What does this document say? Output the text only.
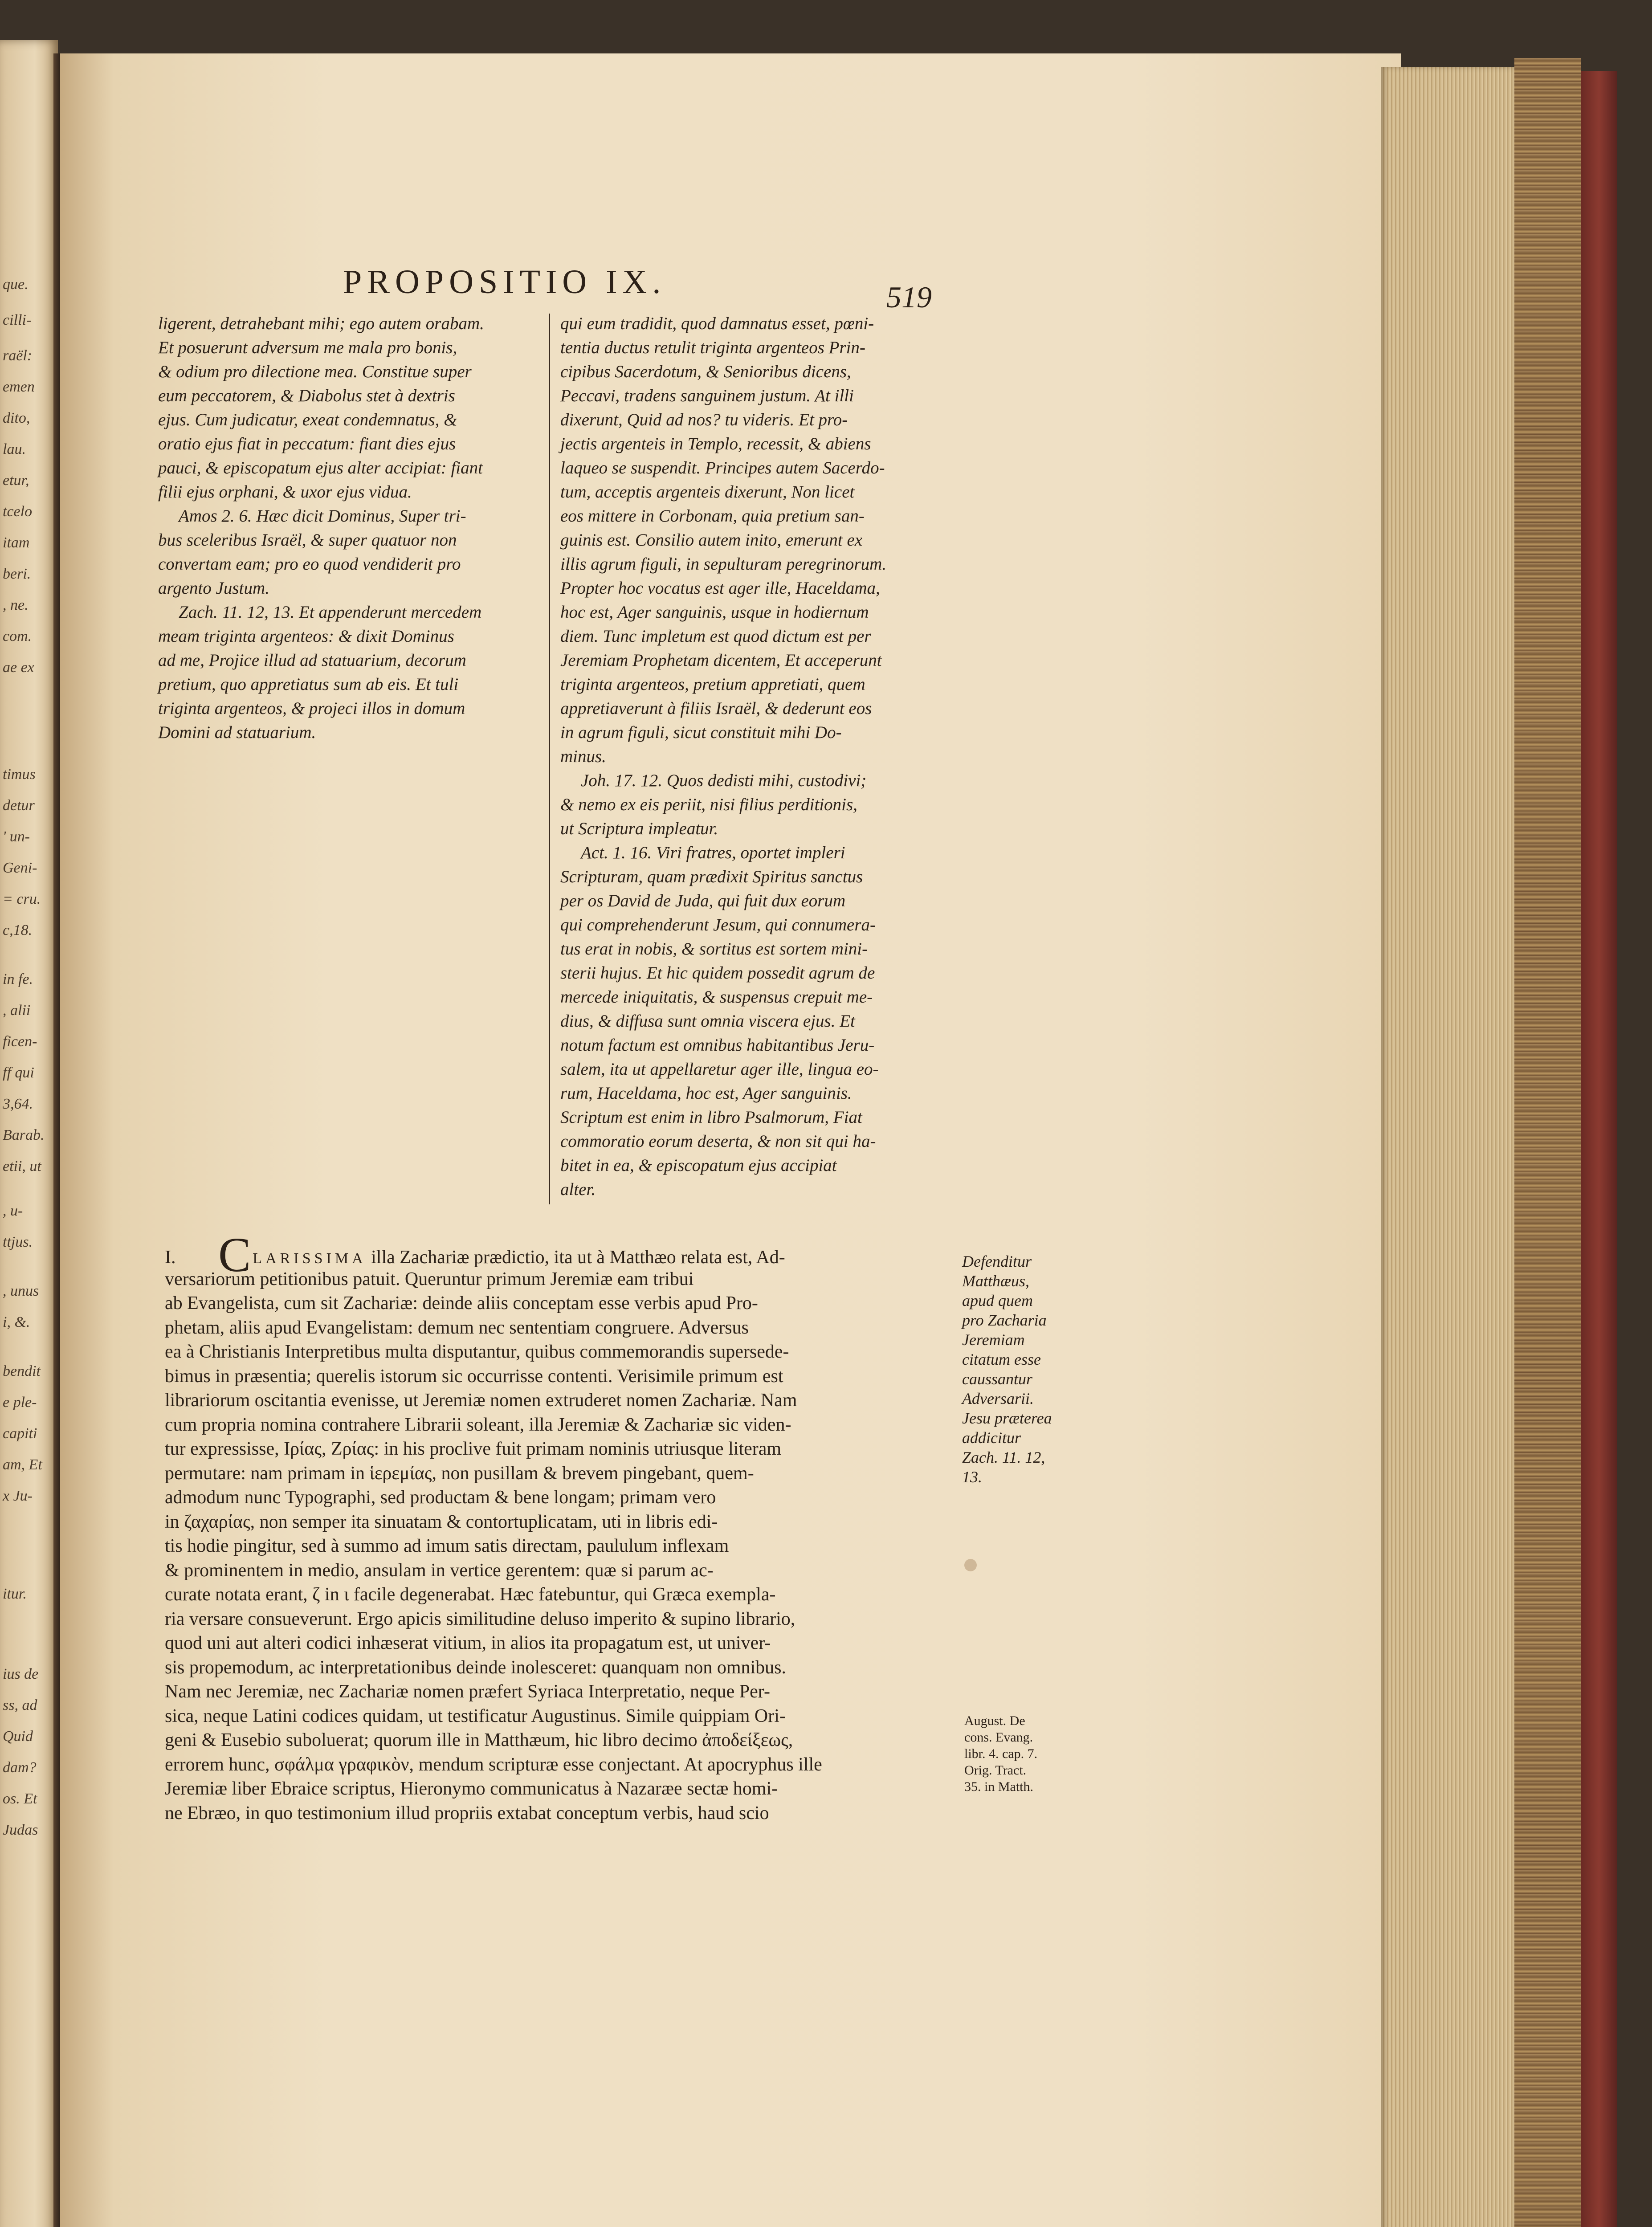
que.
cilli-
raël:
emen
dito,
lau.
etur,
tcelo
itam
beri.
, ne.
com.
ae ex
timus
detur
' un-
Geni-
= cru.
c,18.
in fe.
, alii
ficen-
ff qui
3,64.
Barab.
etii, ut
, u-
ttjus.
, unus
i, &.
bendit
e ple-
capiti
am, Et
x Ju-
itur.
ius de
ss, ad
Quid
dam?
os. Et
Judas
PROPOSITIO IX.	519
ligerent, detrahebant mihi; ego autem orabam.
Et posuerunt adversum me mala pro bonis,
& odium pro dilectione mea. Constitue super
eum peccatorem, & Diabolus stet à dextris
ejus. Cum judicatur, exeat condemnatus, &
oratio ejus fiat in peccatum: fiant dies ejus
pauci, & episcopatum ejus alter accipiat: fiant
filii ejus orphani, & uxor ejus vidua.
Amos 2. 6. Hæc dicit Dominus, Super tri-
bus sceleribus Israël, & super quatuor non
convertam eam; pro eo quod vendiderit pro
argento Justum.
Zach. 11. 12, 13. Et appenderunt mercedem
meam triginta argenteos: & dixit Dominus
ad me, Projice illud ad statuarium, decorum
pretium, quo appretiatus sum ab eis. Et tuli
triginta argenteos, & projeci illos in domum
Domini ad statuarium.
qui eum tradidit, quod damnatus esset, pœni-
tentia ductus retulit triginta argenteos Prin-
cipibus Sacerdotum, & Senioribus dicens,
Peccavi, tradens sanguinem justum. At illi
dixerunt, Quid ad nos? tu videris. Et pro-
jectis argenteis in Templo, recessit, & abiens
laqueo se suspendit. Principes autem Sacerdo-
tum, acceptis argenteis dixerunt, Non licet
eos mittere in Corbonam, quia pretium san-
guinis est. Consilio autem inito, emerunt ex
illis agrum figuli, in sepulturam peregrinorum.
Propter hoc vocatus est ager ille, Haceldama,
hoc est, Ager sanguinis, usque in hodiernum
diem. Tunc impletum est quod dictum est per
Jeremiam Prophetam dicentem, Et acceperunt
triginta argenteos, pretium appretiati, quem
appretiaverunt à filiis Israël, & dederunt eos
in agrum figuli, sicut constituit mihi Do-
minus.
Joh. 17. 12. Quos dedisti mihi, custodivi;
& nemo ex eis periit, nisi filius perditionis,
ut Scriptura impleatur.
Act. 1. 16. Viri fratres, oportet impleri
Scripturam, quam prædixit Spiritus sanctus
per os David de Juda, qui fuit dux eorum
qui comprehenderunt Jesum, qui connumera-
tus erat in nobis, & sortitus est sortem mini-
sterii hujus. Et hic quidem possedit agrum de
mercede iniquitatis, & suspensus crepuit me-
dius, & diffusa sunt omnia viscera ejus. Et
notum factum est omnibus habitantibus Jeru-
salem, ita ut appellaretur ager ille, lingua eo-
rum, Haceldama, hoc est, Ager sanguinis.
Scriptum est enim in libro Psalmorum, Fiat
commoratio eorum deserta, & non sit qui ha-
bitet in ea, & episcopatum ejus accipiat
alter.
I. C LARISSIMA illa Zachariæ prædictio, ita ut à Matthæo relata est, Ad-
versariorum petitionibus patuit. Queruntur primum Jeremiæ eam tribui
ab Evangelista, cum sit Zachariæ: deinde aliis conceptam esse verbis apud Pro-
phetam, aliis apud Evangelistam: demum nec sententiam congruere. Adversus
ea à Christianis Interpretibus multa disputantur, quibus commemorandis supersede-
bimus in præsentia; querelis istorum sic occurrisse contenti. Verisimile primum est
librariorum oscitantia evenisse, ut Jeremiæ nomen extruderet nomen Zachariæ. Nam
cum propria nomina contrahere Librarii soleant, illa Jeremiæ & Zachariæ sic viden-
tur expressisse, Ιρίας, Ζρίας: in his proclive fuit primam nominis utriusque literam
permutare: nam primam in ἱερεμίας, non pusillam & brevem pingebant, quem-
admodum nunc Typographi, sed productam & bene longam; primam vero
in ζαχαρίας, non semper ita sinuatam & contortuplicatam, uti in libris edi-
tis hodie pingitur, sed à summo ad imum satis directam, paululum inflexam
& prominentem in medio, ansulam in vertice gerentem: quæ si parum ac-
curate notata erant, ζ in ι facile degenerabat. Hæc fatebuntur, qui Græca exempla-
ria versare consueverunt. Ergo apicis similitudine deluso imperito & supino librario,
quod uni aut alteri codici inhæserat vitium, in alios ita propagatum est, ut univer-
sis propemodum, ac interpretationibus deinde inolesceret: quanquam non omnibus.
Nam nec Jeremiæ, nec Zachariæ nomen præfert Syriaca Interpretatio, neque Per-
sica, neque Latini codices quidam, ut testificatur Augustinus. Simile quippiam Ori-
geni & Eusebio suboluerat; quorum ille in Matthæum, hic libro decimo ἀποδείξεως,
errorem hunc, σφάλμα γραφικὸν, mendum scripturæ esse conjectant. At apocryphus ille
Jeremiæ liber Ebraice scriptus, Hieronymo communicatus à Nazaræe sectæ homi-
ne Ebræo, in quo testimonium illud propriis extabat conceptum verbis, haud scio
Defenditur
Matthæus,
apud quem
pro Zacharia
Jeremiam
citatum esse
caussantur
Adversarii.
Jesu præterea
addicitur
Zach. 11. 12,
13.
August. De
cons. Evang.
libr. 4. cap. 7.
Orig. Tract.
35. in Matth.
